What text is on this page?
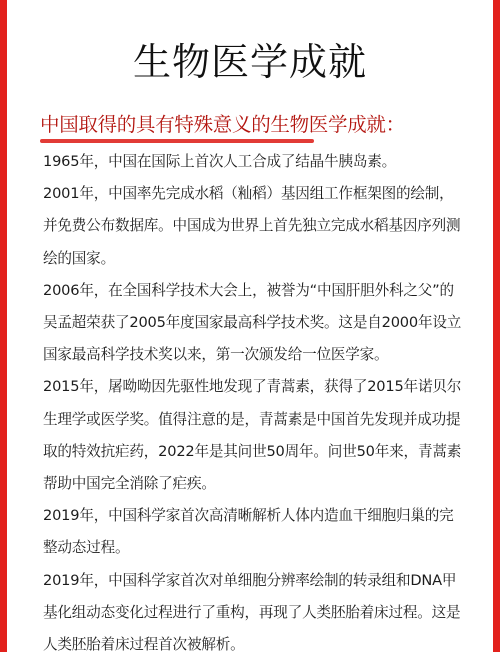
生物医学成就
中国取得的具有特殊意义的生物医学成就：

1965年，中国在国际上首次人工合成了结晶牛胰岛素。

2001年，中国率先完成水稻（籼稻）基因组工作框架图的绘制，并免费公布数据库。中国成为世界上首先独立完成水稻基因序列测绘的国家。

2006年，在全国科学技术大会上，被誉为“中国肝胆外科之父”的吴孟超荣获了2005年度国家最高科学技术奖。这是自2000年设立国家最高科学技术奖以来，第一次颁发给一位医学家。

2015年，屠呦呦因先驱性地发现了青蒿素，获得了2015年诺贝尔生理学或医学奖。值得注意的是，青蒿素是中国首先发现并成功提取的特效抗疟药，2022年是其问世50周年。问世50年来，青蒿素帮助中国完全消除了疟疾。

2019年，中国科学家首次高清晰解析人体内造血干细胞归巢的完整动态过程。

2019年，中国科学家首次对单细胞分辨率绘制的转录组和DNA甲基化组动态变化过程进行了重构，再现了人类胚胎着床过程。这是人类胚胎着床过程首次被解析。
